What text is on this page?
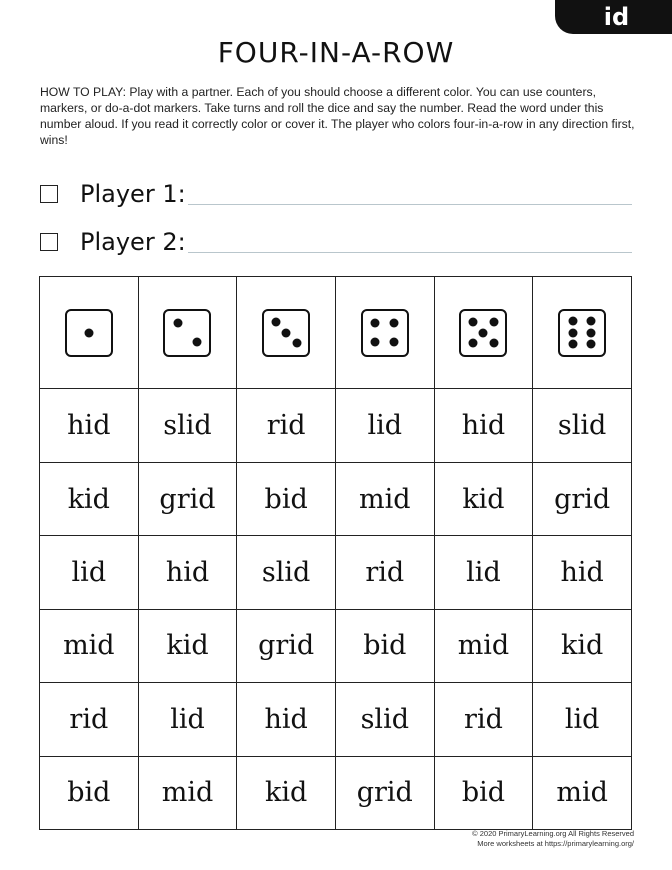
id
FOUR-IN-A-ROW
HOW TO PLAY: Play with a partner. Each of you should choose a different color. You can use counters, markers, or do-a-dot markers. Take turns and roll the dice and say the number. Read the word under this number aloud. If you read it correctly color or cover it. The player who colors four-in-a-row in any direction first, wins!
Player 1:
Player 2:

hid	slid	rid	lid	hid	slid
kid	grid	bid	mid	kid	grid
lid	hid	slid	rid	lid	hid
mid	kid	grid	bid	mid	kid
rid	lid	hid	slid	rid	lid
bid	mid	kid	grid	bid	mid
© 2020 PrimaryLearning.org All Rights Reserved
More worksheets at https://primarylearning.org/
